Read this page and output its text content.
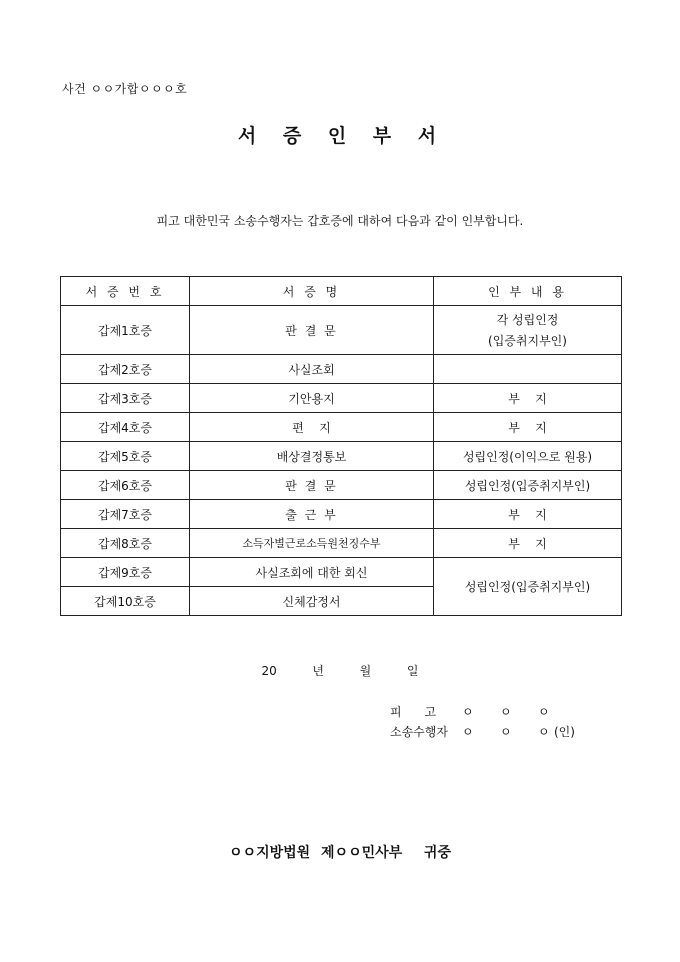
사건 ㅇㅇ가합ㅇㅇㅇ호
서 증 인 부 서
피고 대한민국 소송수행자는 갑호증에 대하여 다음과 같이 인부합니다.
서 증 번 호	서 증 명	인 부 내 용
갑제1호증	판 결 문	각 성립인정
(입증취지부인)

갑제2호증	사실조회	
갑제3호증	기안용지	부    지
갑제4호증	편    지	부    지
갑제5호증	배상결정통보	성립인정(이익으로 원용)
갑제6호증	판 결 문	성립인정(입증취지부인)
갑제7호증	출 근 부	부    지
갑제8호증	소득자별근로소득원천징수부	부    지
갑제9호증	사실조회에 대한 회신	성립인정(입증취지부인)
갑제10호증	신체감정서	
20  년  월  일
피      고 ㅇ ㅇ ㅇ
소송수행자 ㅇ ㅇ ㅇ (인)
ㅇㅇ지방법원 제ㅇㅇ민사부  귀중
